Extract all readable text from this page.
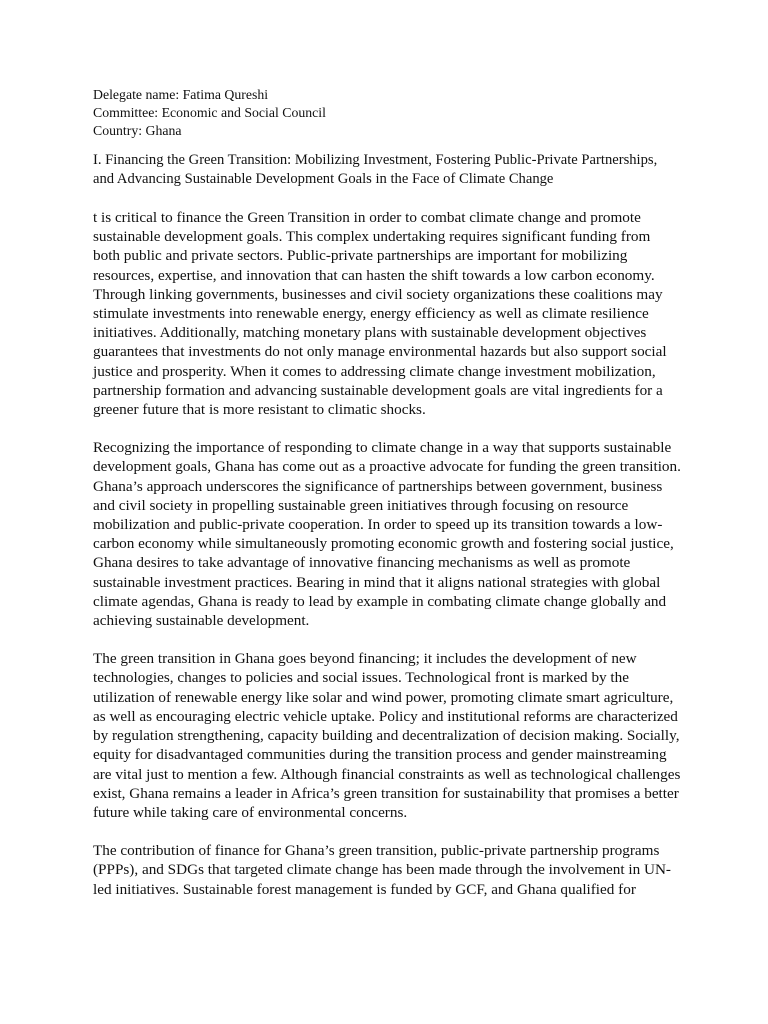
Delegate name: Fatima Qureshi
Committee: Economic and Social Council
Country: Ghana

I. Financing the Green Transition: Mobilizing Investment, Fostering Public-Private Partnerships, and Advancing Sustainable Development Goals in the Face of Climate Change

t is critical to finance the Green Transition in order to combat climate change and promote sustainable development goals. This complex undertaking requires significant funding from both public and private sectors. Public-private partnerships are important for mobilizing resources, expertise, and innovation that can hasten the shift towards a low carbon economy. Through linking governments, businesses and civil society organizations these coalitions may stimulate investments into renewable energy, energy efficiency as well as climate resilience initiatives. Additionally, matching monetary plans with sustainable development objectives guarantees that investments do not only manage environmental hazards but also support social justice and prosperity. When it comes to addressing climate change investment mobilization, partnership formation and advancing sustainable development goals are vital ingredients for a greener future that is more resistant to climatic shocks.

Recognizing the importance of responding to climate change in a way that supports sustainable development goals, Ghana has come out as a proactive advocate for funding the green transition. Ghana’s approach underscores the significance of partnerships between government, business and civil society in propelling sustainable green initiatives through focusing on resource mobilization and public-private cooperation. In order to speed up its transition towards a low-carbon economy while simultaneously promoting economic growth and fostering social justice, Ghana desires to take advantage of innovative financing mechanisms as well as promote sustainable investment practices. Bearing in mind that it aligns national strategies with global climate agendas, Ghana is ready to lead by example in combating climate change globally and achieving sustainable development.

The green transition in Ghana goes beyond financing; it includes the development of new technologies, changes to policies and social issues. Technological front is marked by the utilization of renewable energy like solar and wind power, promoting climate smart agriculture, as well as encouraging electric vehicle uptake. Policy and institutional reforms are characterized by regulation strengthening, capacity building and decentralization of decision making. Socially, equity for disadvantaged communities during the transition process and gender mainstreaming are vital just to mention a few. Although financial constraints as well as technological challenges exist, Ghana remains a leader in Africa’s green transition for sustainability that promises a better future while taking care of environmental concerns.

The contribution of finance for Ghana’s green transition, public-private partnership programs (PPPs), and SDGs that targeted climate change has been made through the involvement in UN-led initiatives. Sustainable forest management is funded by GCF, and Ghana qualified for
